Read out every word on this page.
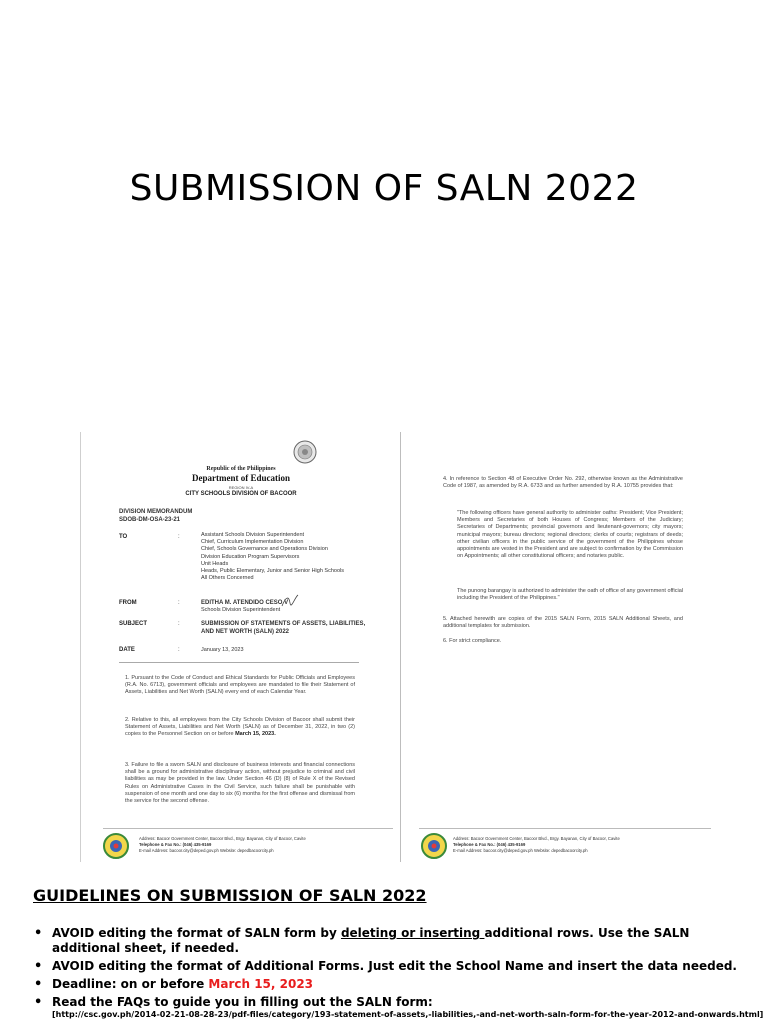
SUBMISSION OF SALN 2022
Republic of the Philippines
Department of Education
REGION IV-A
CITY SCHOOLS DIVISION OF BACOOR
DIVISION MEMORANDUM
SDOB-DM-OSA-23-21
TO	:	Assistant Schools Division Superintendent
Chief, Curriculum Implementation Division
Chief, Schools Governance and Operations Division
Division Education Program Supervisors
Unit Heads
Heads, Public Elementary, Junior and Senior High Schools
All Others Concerned
FROM	:	EDITHA M. ATENDIDO CESO V
Schools Division Superintendent
SUBJECT	:	SUBMISSION OF STATEMENTS OF ASSETS, LIABILITIES,
AND NET WORTH (SALN) 2022
DATE	:	January 13, 2023
1. Pursuant to the Code of Conduct and Ethical Standards for Public Officials and Employees (R.A. No. 6713), government officials and employees are mandated to file their Statement of Assets, Liabilities and Net Worth (SALN) every end of each Calendar Year.
2. Relative to this, all employees from the City Schools Division of Bacoor shall submit their Statement of Assets, Liabilities and Net Worth (SALN) as of December 31, 2022, in two (2) copies to the Personnel Section on or before March 15, 2023.
3. Failure to file a sworn SALN and disclosure of business interests and financial connections shall be a ground for administrative disciplinary action, without prejudice to criminal and civil liabilities as may be provided in the law. Under Section 46 (D) (8) of Rule X of the Revised Rules on Administrative Cases in the Civil Service, such failure shall be punishable with suspension of one month and one day to six (6) months for the first offense and dismissal from the service for the second offense.
Address: Bacoor Government Center, Bacoor Blvd., Brgy. Bayanan, City of Bacoor, Cavite
Telephone & Fax No.: (046) 435-9169
E-mail Address: bacoor.city@deped.gov.ph Website: depedbacoorcity.ph
4. In reference to Section 48 of Executive Order No. 292, otherwise known as the Administrative Code of 1987, as amended by R.A. 6733 and as further amended by R.A. 10755 provides that:
"The following officers have general authority to administer oaths: President; Vice President; Members and Secretaries of both Houses of Congress; Members of the Judiciary; Secretaries of Departments; provincial governors and lieutenant-governors; city mayors; municipal mayors; bureau directors; regional directors; clerks of courts; registrars of deeds; other civilian officers in the public service of the government of the Philippines whose appointments are vested in the President and are subject to confirmation by the Commission on Appointments; all other constitutional officers; and notaries public.
The punong barangay is authorized to administer the oath of office of any government official including the President of the Philippines."
5. Attached herewith are copies of the 2015 SALN Form, 2015 SALN Additional Sheets, and additional templates for submission.
6. For strict compliance.
Address: Bacoor Government Center, Bacoor Blvd., Brgy. Bayanan, City of Bacoor, Cavite
Telephone & Fax No.: (046) 435-9169
E-mail Address: bacoor.city@deped.gov.ph Website: depedbacoorcity.ph
GUIDELINES ON SUBMISSION OF SALN 2022
• AVOID editing the format of SALN form by deleting or inserting additional rows. Use the SALN additional sheet, if needed.
• AVOID editing the format of Additional Forms. Just edit the School Name and insert the data needed.
• Deadline: on or before March 15, 2023
• Read the FAQs to guide you in filling out the SALN form:
[http://csc.gov.ph/2014-02-21-08-28-23/pdf-files/category/193-statement-of-assets,-liabilities,-and-net-worth-saln-form-for-the-year-2012-and-onwards.html]
